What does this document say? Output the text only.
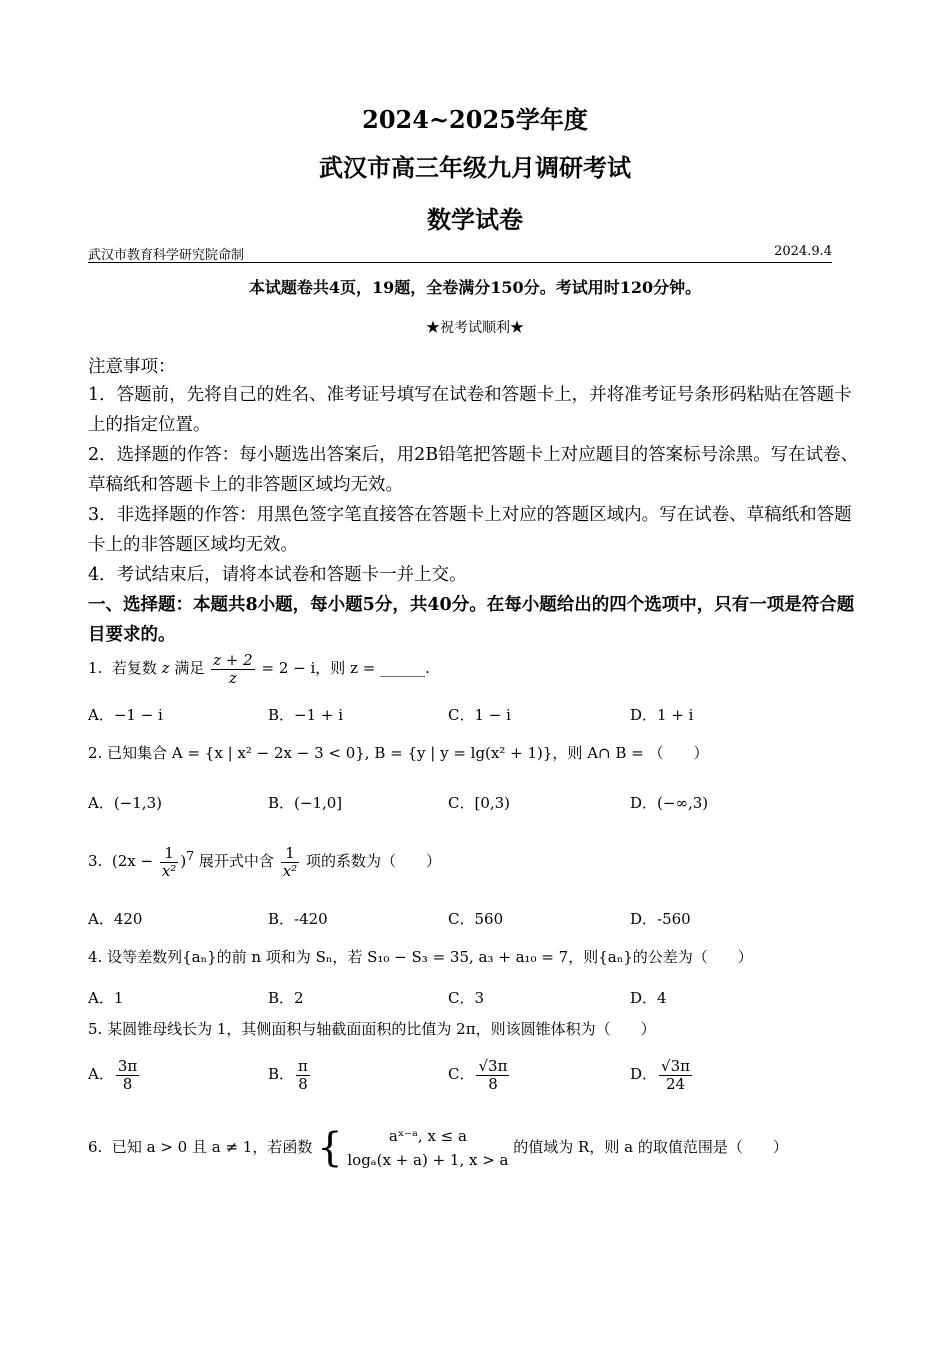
2024~2025学年度
武汉市高三年级九月调研考试
数学试卷
武汉市教育科学研究院命制	2024.9.4
本试题卷共4页，19题，全卷满分150分。考试用时120分钟。
★祝考试顺利★
注意事项：
1．答题前，先将自己的姓名、准考证号填写在试卷和答题卡上，并将准考证号条形码粘贴在答题卡上的指定位置。
2．选择题的作答：每小题选出答案后，用2B铅笔把答题卡上对应题目的答案标号涂黑。写在试卷、草稿纸和答题卡上的非答题区域均无效。
3．非选择题的作答：用黑色签字笔直接答在答题卡上对应的答题区域内。写在试卷、草稿纸和答题卡上的非答题区域均无效。
4．考试结束后，请将本试卷和答题卡一并上交。
一、选择题：本题共8小题，每小题5分，共40分。在每小题给出的四个选项中，只有一项是符合题目要求的。
1. 若复数 z 满足 $\frac{z + 2}{z} = 2 - i$，则 z = ______.
A．−1 − i	B．−1 + i	C．1 − i	D．1 + i
2. 已知集合 A = {x | x² − 2x − 3 < 0}, B = {y | y = lg(x² + 1)}，则 A∩ B = （　　）
A．(−1,3)	B．(−1,0]	C．[0,3)	D．(−∞,3)
3. $(2x - \frac{1}{\text{x²}} )^7$ 展开式中含 $\frac{1}{\text{x²}}$ 项的系数为（　　）
A．420	B．-420	C．560	D．-560
4. 设等差数列{aₙ}的前 n 项和为 Sₙ，若 S₁₀ − S₃ = 35, a₃ + a₁₀ = 7，则{aₙ}的公差为（　　）
A．1	B．2	C．3	D．4
5. 某圆锥母线长为 1，其侧面积与轴截面面积的比值为 2π，则该圆锥体积为（　　）
A． $\frac{3\pi}{8}$	B． $\frac{\pi}{8}$	C． $\frac{√3\pi}{8}$	D． $\frac{√3\pi}{24}$
6. 已知 a > 0 且 a ≠ 1，若函数 {	aˣ⁻ᵃ, x ≤ a
logₐ(x + a) + 1, x > a
的值域为 R，则 a 的取值范围是（　　）
